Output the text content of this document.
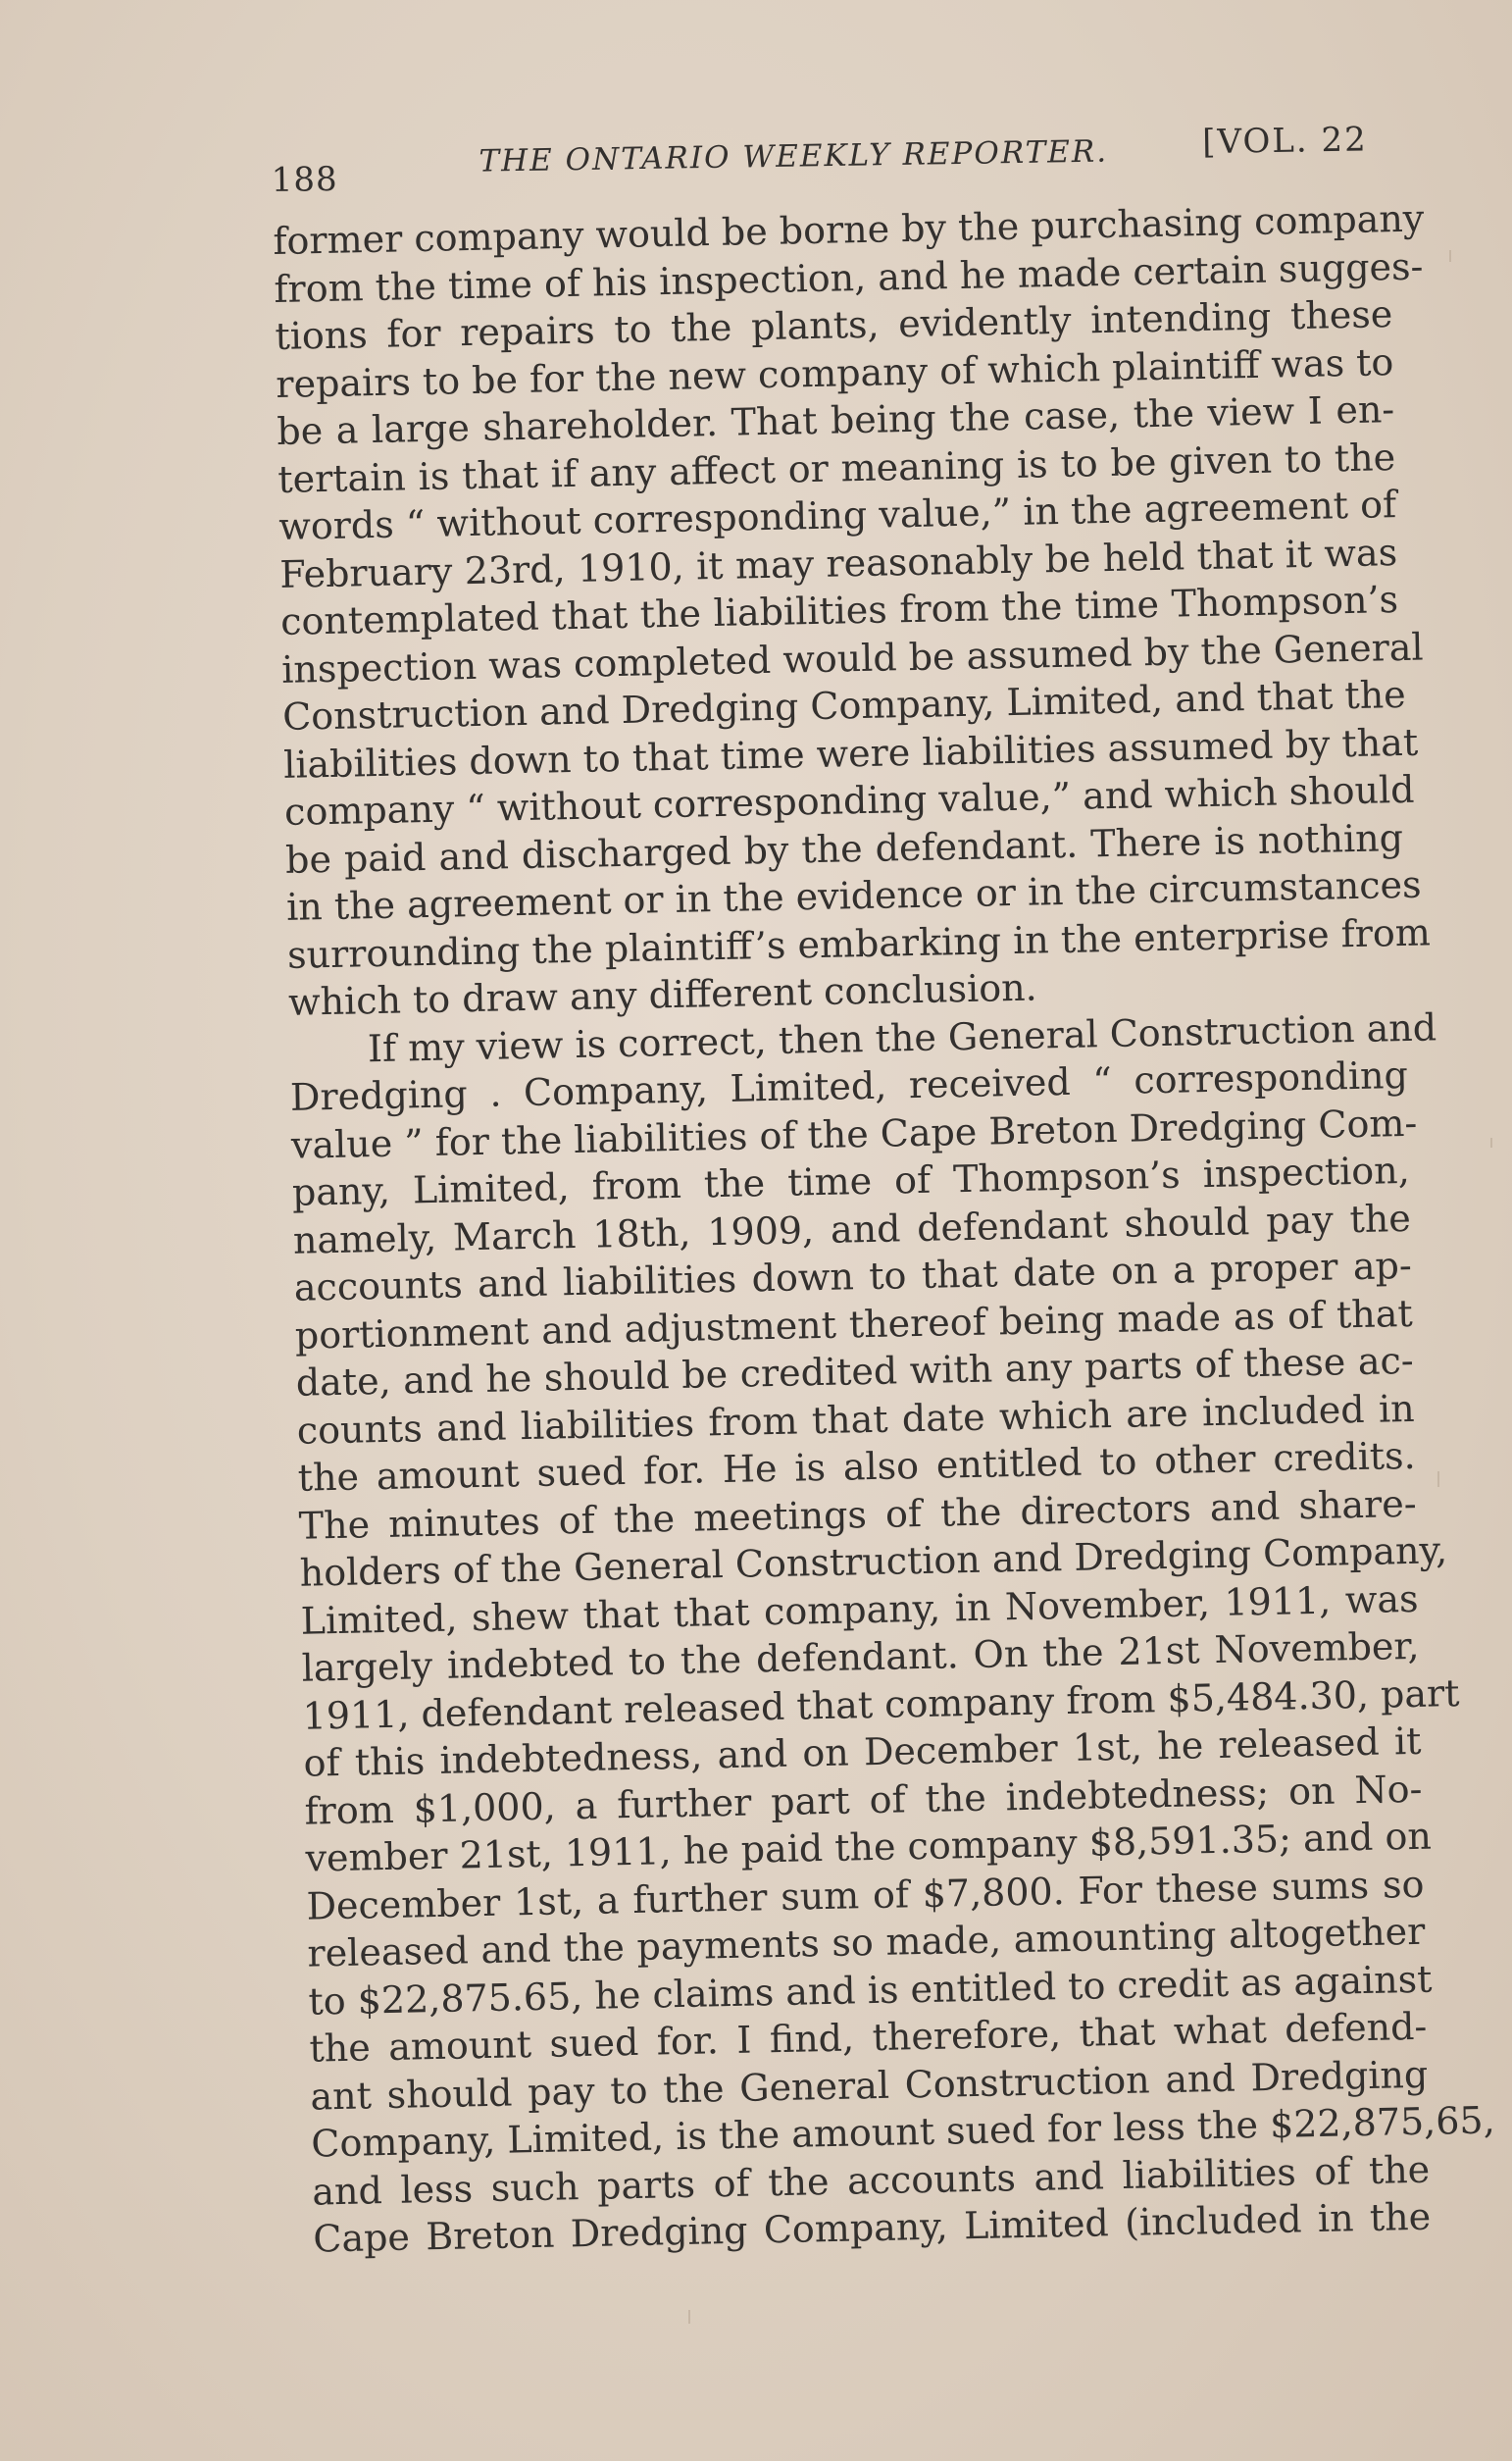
188
THE ONTARIO WEEKLY REPORTER.	[VOL. 22
former company would be borne by the purchasing company
from the time of his inspection, and he made certain sugges-
tions for repairs to the plants, evidently intending these
repairs to be for the new company of which plaintiff was to
be a large shareholder. That being the case, the view I en-
tertain is that if any affect or meaning is to be given to the
words “ without corresponding value,” in the agreement of
February 23rd, 1910, it may reasonably be held that it was
contemplated that the liabilities from the time Thompson’s
inspection was completed would be assumed by the General
Construction and Dredging Company, Limited, and that the
liabilities down to that time were liabilities assumed by that
company “ without corresponding value,” and which should
be paid and discharged by the defendant. There is nothing
in the agreement or in the evidence or in the circumstances
surrounding the plaintiff’s embarking in the enterprise from
which to draw any different conclusion.
If my view is correct, then the General Construction and
Dredging . Company, Limited, received “ corresponding
value ” for the liabilities of the Cape Breton Dredging Com-
pany, Limited, from the time of Thompson’s inspection,
namely, March 18th, 1909, and defendant should pay the
accounts and liabilities down to that date on a proper ap-
portionment and adjustment thereof being made as of that
date, and he should be credited with any parts of these ac-
counts and liabilities from that date which are included in
the amount sued for. He is also entitled to other credits.
The minutes of the meetings of the directors and share-
holders of the General Construction and Dredging Company,
Limited, shew that that company, in November, 1911, was
largely indebted to the defendant. On the 21st November,
1911, defendant released that company from $5,484.30, part
of this indebtedness, and on December 1st, he released it
from $1,000, a further part of the indebtedness; on No-
vember 21st, 1911, he paid the company $8,591.35; and on
December 1st, a further sum of $7,800. For these sums so
released and the payments so made, amounting altogether
to $22,875.65, he claims and is entitled to credit as against
the amount sued for. I find, therefore, that what defend-
ant should pay to the General Construction and Dredging
Company, Limited, is the amount sued for less the $22,875,65,
and less such parts of the accounts and liabilities of the
Cape Breton Dredging Company, Limited (included in the
